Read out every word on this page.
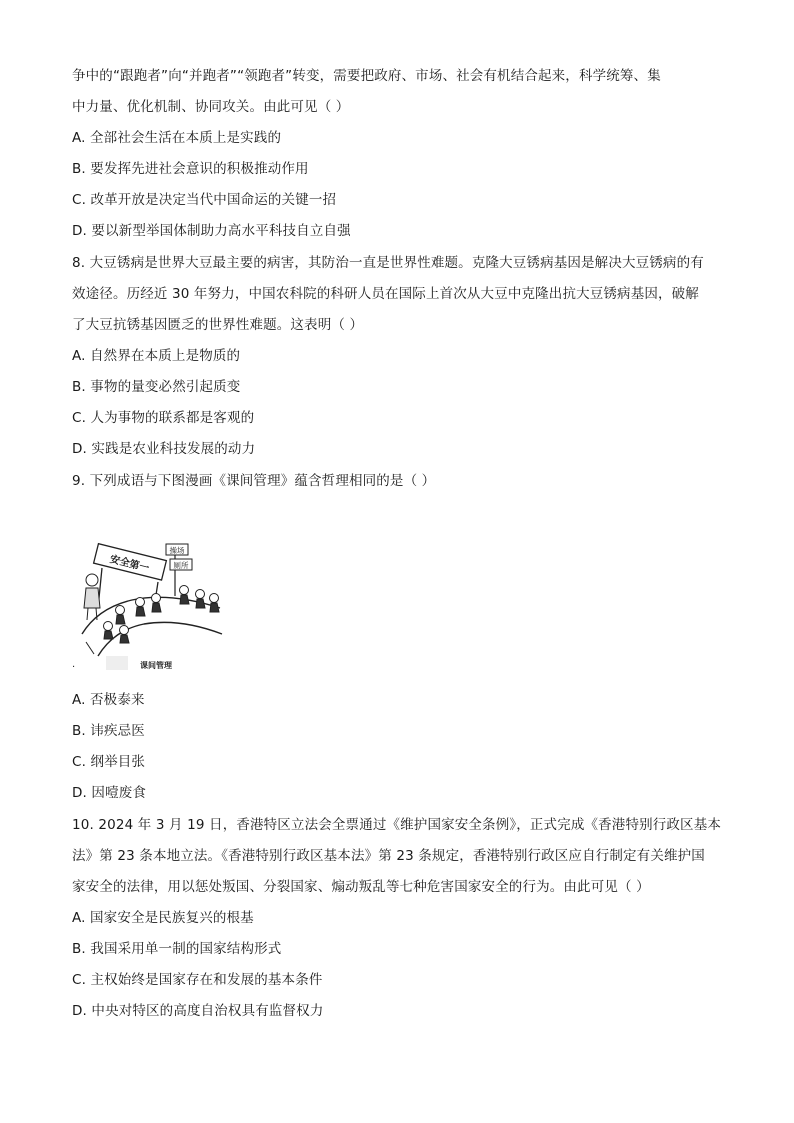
争中的“跟跑者”向“并跑者”“领跑者”转变，需要把政府、市场、社会有机结合起来，科学统筹、集
中力量、优化机制、协同攻关。由此可见（ ）
A. 全部社会生活在本质上是实践的
B. 要发挥先进社会意识的积极推动作用
C. 改革开放是决定当代中国命运的关键一招
D. 要以新型举国体制助力高水平科技自立自强
8. 大豆锈病是世界大豆最主要的病害，其防治一直是世界性难题。克隆大豆锈病基因是解决大豆锈病的有
效途径。历经近 30 年努力，中国农科院的科研人员在国际上首次从大豆中克隆出抗大豆锈病基因，破解
了大豆抗锈基因匮乏的世界性难题。这表明（ ）
A. 自然界在本质上是物质的
B. 事物的量变必然引起质变
C. 人为事物的联系都是客观的
D. 实践是农业科技发展的动力
9. 下列成语与下图漫画《课间管理》蕴含哲理相同的是（ ）
安全第一
操场
厕所
课间管理
.
A. 否极泰来
B. 讳疾忌医
C. 纲举目张
D. 因噎废食
10. 2024 年 3 月 19 日，香港特区立法会全票通过《维护国家安全条例》，正式完成《香港特别行政区基本
法》第 23 条本地立法。《香港特别行政区基本法》第 23 条规定，香港特别行政区应自行制定有关维护国
家安全的法律，用以惩处叛国、分裂国家、煽动叛乱等七种危害国家安全的行为。由此可见（ ）
A. 国家安全是民族复兴的根基
B. 我国采用单一制的国家结构形式
C. 主权始终是国家存在和发展的基本条件
D. 中央对特区的高度自治权具有监督权力
